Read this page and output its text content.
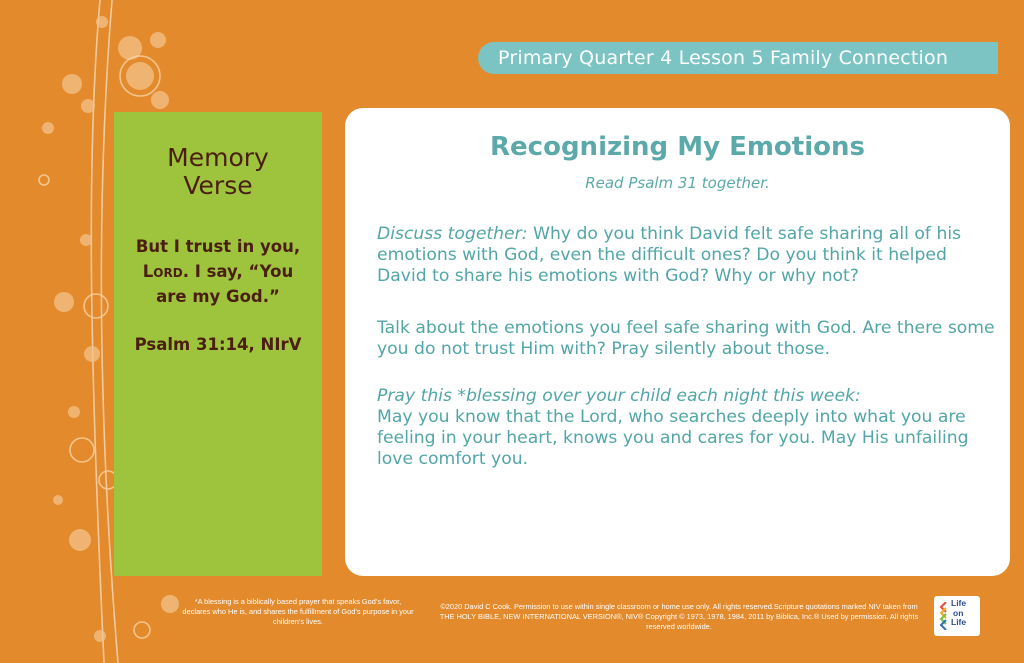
Primary Quarter 4 Lesson 5 Family Connection
Memory
Verse
But I trust in you, Lord. I say, “You are my God.”
Psalm 31:14, NIrV
Recognizing My Emotions
Read Psalm 31 together.
Discuss together: Why do you think David felt safe sharing all of his emotions with God, even the difficult ones? Do you think it helped David to share his emotions with God? Why or why not?
Talk about the emotions you feel safe sharing with God. Are there some you do not trust Him with? Pray silently about those.
Pray this *blessing over your child each night this week:
May you know that the Lord, who searches deeply into what you are feeling in your heart, knows you and cares for you. May His unfailing love comfort you.
*A blessing is a biblically based prayer that speaks God’s favor, declares who He is, and shares the fulfillment of God’s purpose in your children’s lives.
©2020 David C Cook. Permission to use within single classroom or home use only. All rights reserved.Scripture quotations marked NIV taken from THE HOLY BIBLE, NEW INTERNATIONAL VERSION®, NIV® Copyright © 1973, 1978, 1984, 2011 by Biblica, Inc.® Used by permission. All rights reserved worldwide.
Life
on
Life
